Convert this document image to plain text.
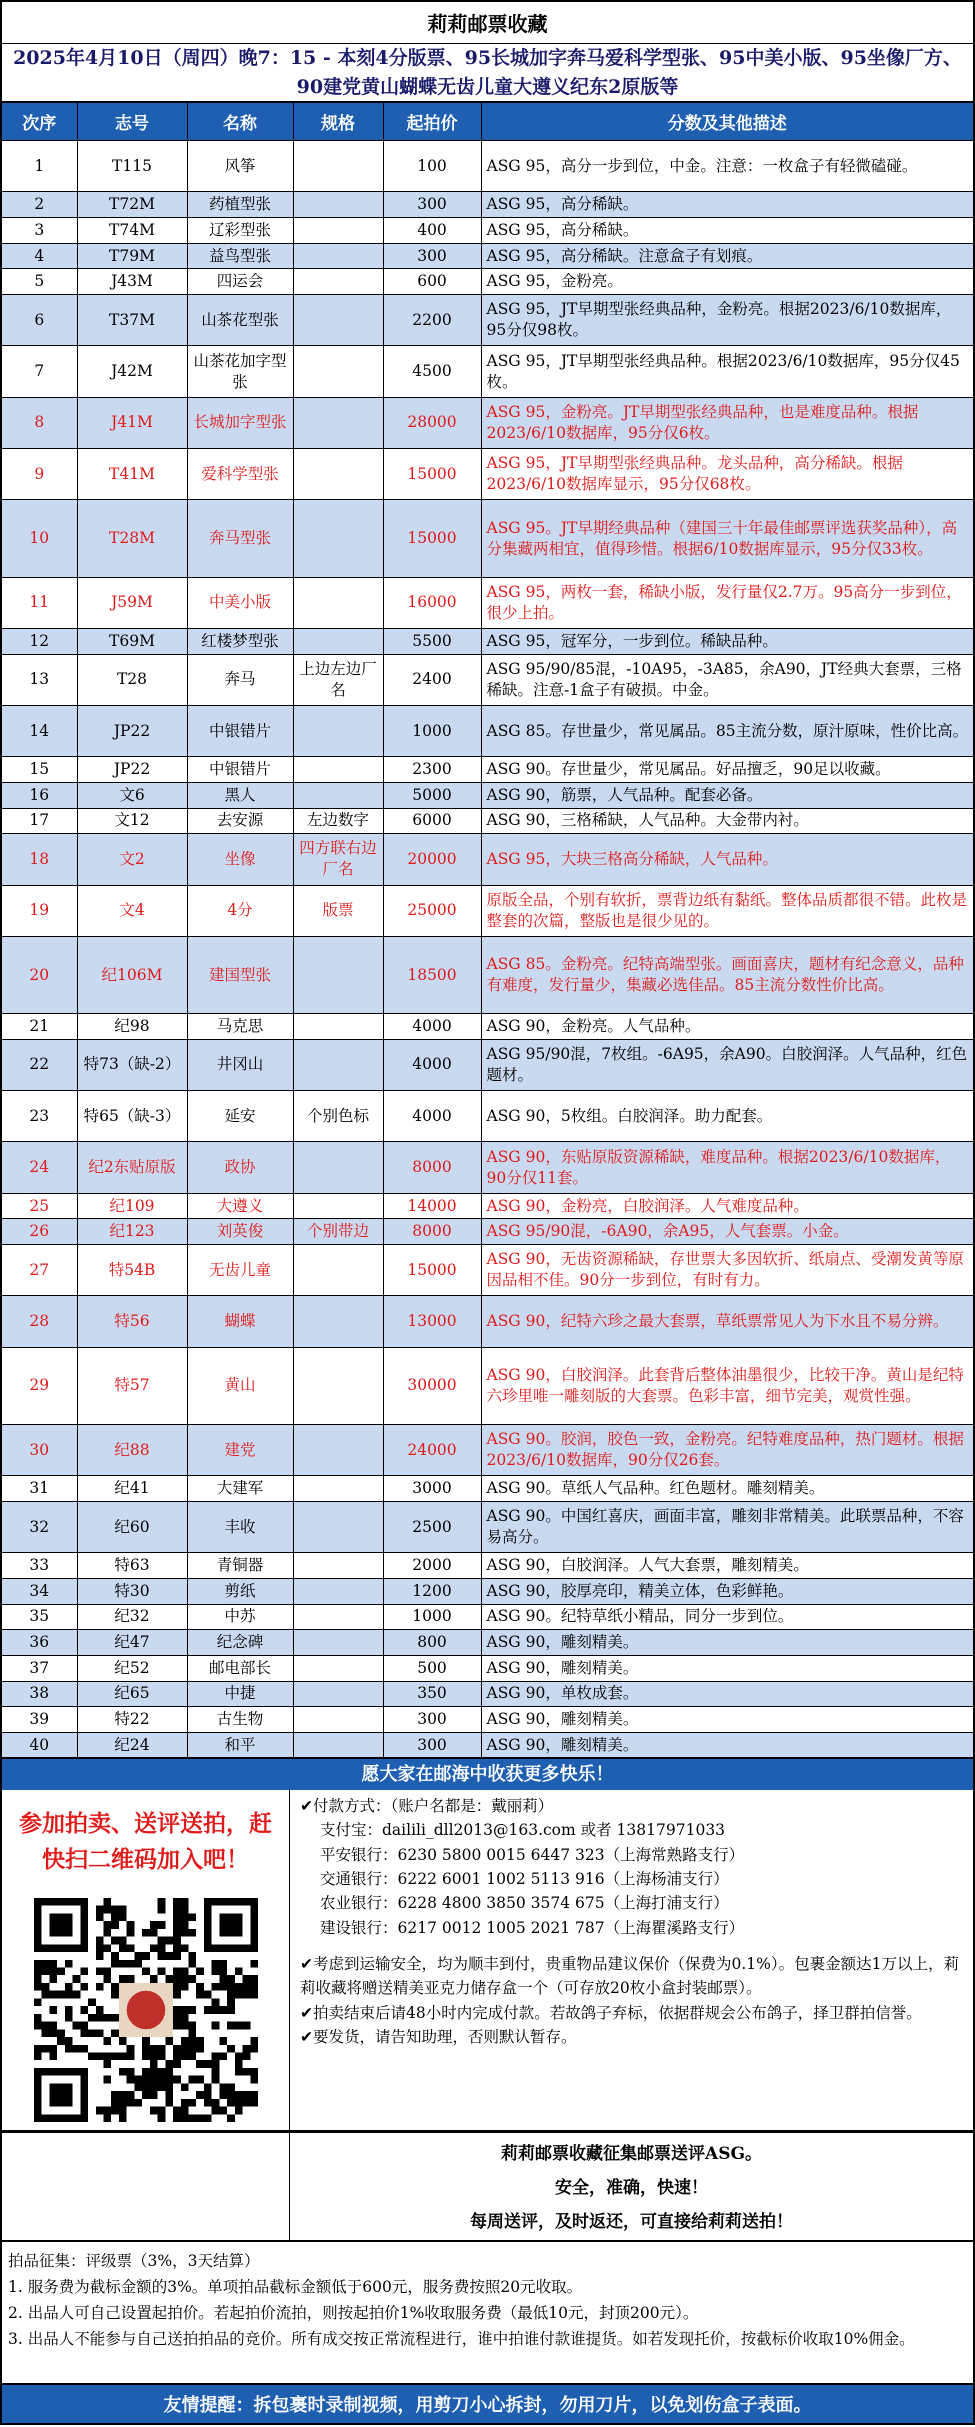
莉莉邮票收藏
2025年4月10日（周四）晚7：15 - 本刻4分版票、95长城加字奔马爱科学型张、95中美小版、95坐像厂方、90建党黄山蝴蝶无齿儿童大遵义纪东2原版等
次序	志号	名称	规格	起拍价	分数及其他描述
1	T115	风筝		100	ASG 95，高分一步到位，中金。注意：一枚盒子有轻微磕碰。
2	T72M	药植型张		300	ASG 95，高分稀缺。
3	T74M	辽彩型张		400	ASG 95，高分稀缺。
4	T79M	益鸟型张		300	ASG 95，高分稀缺。注意盒子有划痕。
5	J43M	四运会		600	ASG 95，金粉亮。
6	T37M	山茶花型张		2200	ASG 95，JT早期型张经典品种，金粉亮。根据2023/6/10数据库，95分仅98枚。
7	J42M	山茶花加字型张		4500	ASG 95，JT早期型张经典品种。根据2023/6/10数据库，95分仅45枚。
8	J41M	长城加字型张		28000	ASG 95，金粉亮。JT早期型张经典品种，也是难度品种。根据2023/6/10数据库，95分仅6枚。
9	T41M	爱科学型张		15000	ASG 95，JT早期型张经典品种。龙头品种，高分稀缺。根据2023/6/10数据库显示，95分仅68枚。
10	T28M	奔马型张		15000	ASG 95。JT早期经典品种（建国三十年最佳邮票评选获奖品种），高分集藏两相宜，值得珍惜。根据6/10数据库显示，95分仅33枚。
11	J59M	中美小版		16000	ASG 95，两枚一套，稀缺小版，发行量仅2.7万。95高分一步到位，很少上拍。
12	T69M	红楼梦型张		5500	ASG 95，冠军分，一步到位。稀缺品种。
13	T28	奔马	上边左边厂名	2400	ASG 95/90/85混，-10A95，-3A85，余A90，JT经典大套票，三格稀缺。注意-1盒子有破损。中金。
14	JP22	中银错片		1000	ASG 85。存世量少，常见属品。85主流分数，原汁原味，性价比高。
15	JP22	中银错片		2300	ASG 90。存世量少，常见属品。好品擅乏，90足以收藏。
16	文6	黑人		5000	ASG 90，筋票，人气品种。配套必备。
17	文12	去安源	左边数字	6000	ASG 90，三格稀缺，人气品种。大金带内衬。
18	文2	坐像	四方联右边厂名	20000	ASG 95，大块三格高分稀缺，人气品种。
19	文4	4分	版票	25000	原版全品，个别有软折，票背边纸有黏纸。整体品质都很不错。此枚是整套的次篇，整版也是很少见的。
20	纪106M	建国型张		18500	ASG 85。金粉亮。纪特高端型张。画面喜庆，题材有纪念意义，品种有难度，发行量少，集藏必选佳品。85主流分数性价比高。
21	纪98	马克思		4000	ASG 90，金粉亮。人气品种。
22	特73（缺-2）	井冈山		4000	ASG 95/90混，7枚组。-6A95，余A90。白胶润泽。人气品种，红色题材。
23	特65（缺-3）	延安	个别色标	4000	ASG 90，5枚组。白胶润泽。助力配套。
24	纪2东贴原版	政协		8000	ASG 90，东贴原版资源稀缺，难度品种。根据2023/6/10数据库，90分仅11套。
25	纪109	大遵义		14000	ASG 90，金粉亮，白胶润泽。人气难度品种。
26	纪123	刘英俊	个别带边	8000	ASG 95/90混，-6A90，余A95，人气套票。小金。
27	特54B	无齿儿童		15000	ASG 90，无齿资源稀缺，存世票大多因软折、纸扇点、受潮发黄等原因品相不佳。90分一步到位，有时有力。
28	特56	蝴蝶		13000	ASG 90，纪特六珍之最大套票，草纸票常见人为下水且不易分辨。
29	特57	黄山		30000	ASG 90，白胶润泽。此套背后整体油墨很少，比较干净。黄山是纪特六珍里唯一雕刻版的大套票。色彩丰富，细节完美，观赏性强。
30	纪88	建党		24000	ASG 90。胶润，胶色一致，金粉亮。纪特难度品种，热门题材。根据2023/6/10数据库，90分仅26套。
31	纪41	大建军		3000	ASG 90。草纸人气品种。红色题材。雕刻精美。
32	纪60	丰收		2500	ASG 90。中国红喜庆，画面丰富，雕刻非常精美。此联票品种，不容易高分。
33	特63	青铜器		2000	ASG 90，白胶润泽。人气大套票，雕刻精美。
34	特30	剪纸		1200	ASG 90，胶厚亮印，精美立体，色彩鲜艳。
35	纪32	中苏		1000	ASG 90。纪特草纸小精品，同分一步到位。
36	纪47	纪念碑		800	ASG 90，雕刻精美。
37	纪52	邮电部长		500	ASG 90，雕刻精美。
38	纪65	中捷		350	ASG 90，单枚成套。
39	特22	古生物		300	ASG 90，雕刻精美。
40	纪24	和平		300	ASG 90，雕刻精美。
愿大家在邮海中收获更多快乐！
参加拍卖、送评送拍，赶快扫二维码加入吧！

✔付款方式：（账户名都是：戴丽莉）

支付宝：dailili_dll2013@163.com 或者 13817971033

平安银行：6230 5800 0015 6447 323（上海常熟路支行）

交通银行：6222 6001 1002 5113 916（上海杨浦支行）

农业银行：6228 4800 3850 3574 675（上海打浦支行）

建设银行：6217 0012 1005 2021 787（上海瞿溪路支行）

✔考虑到运输安全，均为顺丰到付，贵重物品建议保价（保费为0.1%）。包裹金额达1万以上，莉莉收藏将赠送精美亚克力储存盒一个（可存放20枚小盒封装邮票）。

✔拍卖结束后请48小时内完成付款。若故鸽子弃标，依据群规会公布鸽子，择卫群拍信誉。

✔要发货，请告知助理，否则默认暂存。

莉莉邮票收藏征集邮票送评ASG。
安全，准确，快速！
每周送评，及时返还，可直接给莉莉送拍！
拍品征集：评级票（3%，3天结算）
1. 服务费为截标金额的3%。单项拍品截标金额低于600元，服务费按照20元收取。
2. 出品人可自己设置起拍价。若起拍价流拍，则按起拍价1%收取服务费（最低10元，封顶200元）。
3. 出品人不能参与自己送拍拍品的竞价。所有成交按正常流程进行，谁中拍谁付款谁提货。如若发现托价，按截标价收取10%佣金。
友情提醒：拆包裹时录制视频，用剪刀小心拆封，勿用刀片，以免划伤盒子表面。
